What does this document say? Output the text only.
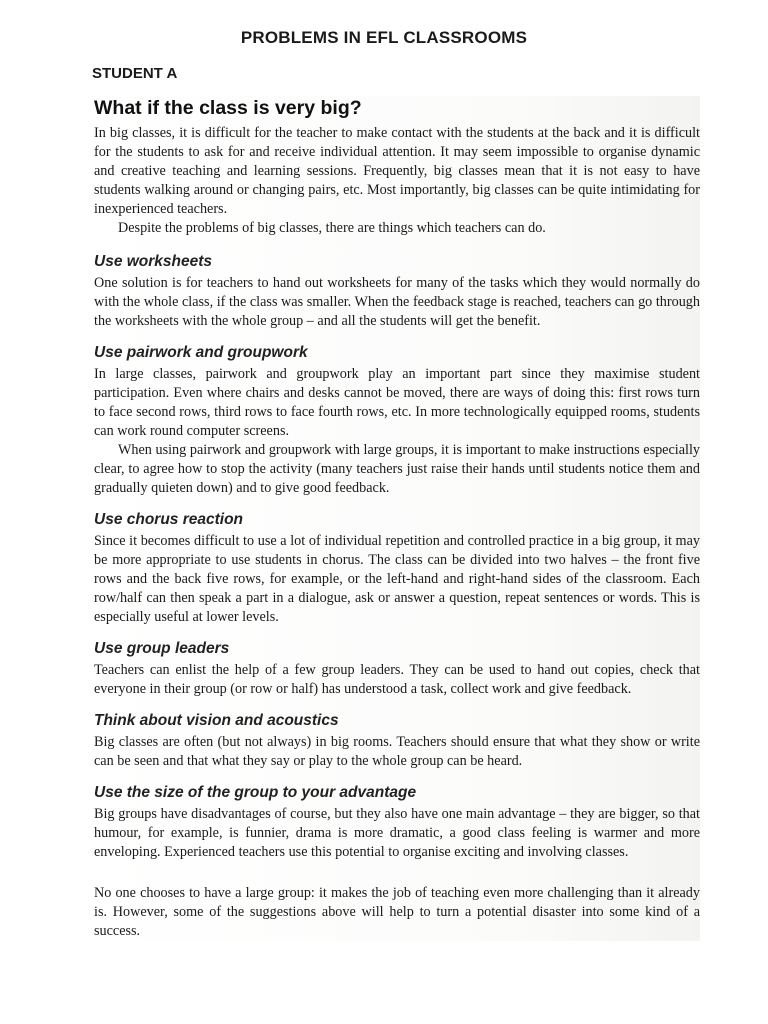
PROBLEMS IN EFL CLASSROOMS
STUDENT A
What if the class is very big?

In big classes, it is difficult for the teacher to make contact with the students at the back and it is difficult for the students to ask for and receive individual attention. It may seem impossible to organise dynamic and creative teaching and learning sessions. Frequently, big classes mean that it is not easy to have students walking around or changing pairs, etc. Most importantly, big classes can be quite intimidating for inexperienced teachers.

Despite the problems of big classes, there are things which teachers can do.

Use worksheets

One solution is for teachers to hand out worksheets for many of the tasks which they would normally do with the whole class, if the class was smaller. When the feedback stage is reached, teachers can go through the worksheets with the whole group – and all the students will get the benefit.

Use pairwork and groupwork

In large classes, pairwork and groupwork play an important part since they maximise student participation. Even where chairs and desks cannot be moved, there are ways of doing this: first rows turn to face second rows, third rows to face fourth rows, etc. In more technologically equipped rooms, students can work round computer screens.

When using pairwork and groupwork with large groups, it is important to make instructions especially clear, to agree how to stop the activity (many teachers just raise their hands until students notice them and gradually quieten down) and to give good feedback.

Use chorus reaction

Since it becomes difficult to use a lot of individual repetition and controlled practice in a big group, it may be more appropriate to use students in chorus. The class can be divided into two halves – the front five rows and the back five rows, for example, or the left-hand and right-hand sides of the classroom. Each row/half can then speak a part in a dialogue, ask or answer a question, repeat sentences or words. This is especially useful at lower levels.

Use group leaders

Teachers can enlist the help of a few group leaders. They can be used to hand out copies, check that everyone in their group (or row or half) has understood a task, collect work and give feedback.

Think about vision and acoustics

Big classes are often (but not always) in big rooms. Teachers should ensure that what they show or write can be seen and that what they say or play to the whole group can be heard.

Use the size of the group to your advantage

Big groups have disadvantages of course, but they also have one main advantage – they are bigger, so that humour, for example, is funnier, drama is more dramatic, a good class feeling is warmer and more enveloping. Experienced teachers use this potential to organise exciting and involving classes.

No one chooses to have a large group: it makes the job of teaching even more challenging than it already is. However, some of the suggestions above will help to turn a potential disaster into some kind of a success.
